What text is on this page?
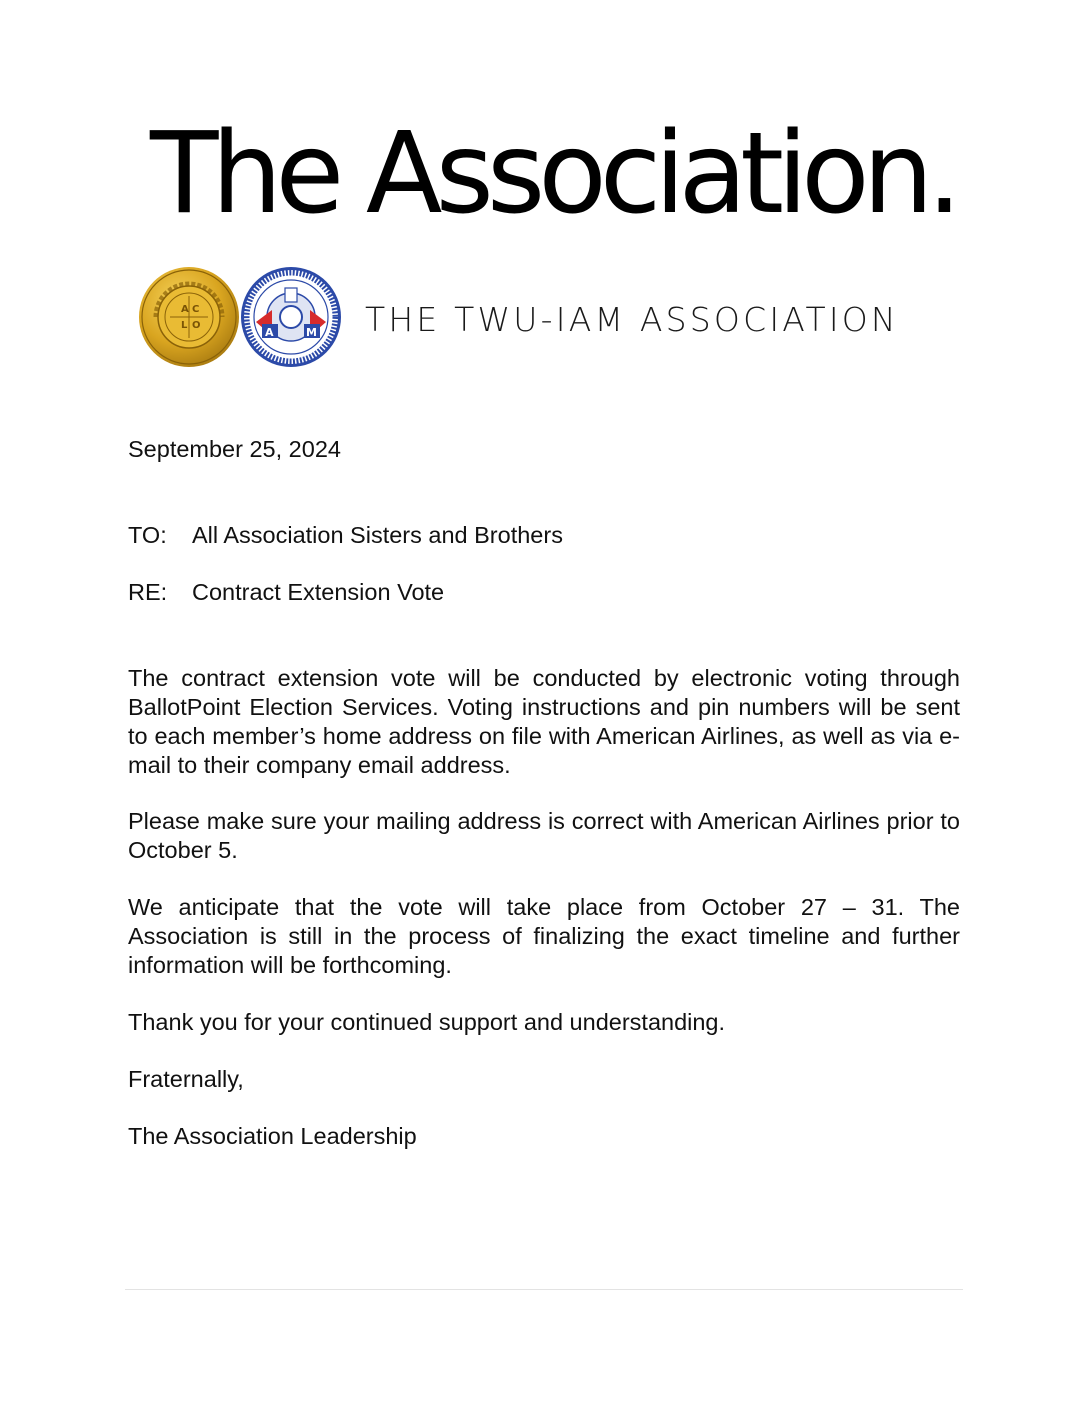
The Association.
A C
L O
A	M THE TWU-IAM ASSOCIATION
September 25, 2024
TO: All Association Sisters and Brothers
RE: Contract Extension Vote
The contract extension vote will be conducted by electronic voting through BallotPoint Election Services. Voting instructions and pin numbers will be sent to each member’s home address on file with American Airlines, as well as via e-mail to their company email address.
Please make sure your mailing address is correct with American Airlines prior to October 5.
We anticipate that the vote will take place from October 27 – 31. The Association is still in the process of finalizing the exact timeline and further information will be forthcoming.
Thank you for your continued support and understanding.
Fraternally,
The Association Leadership
